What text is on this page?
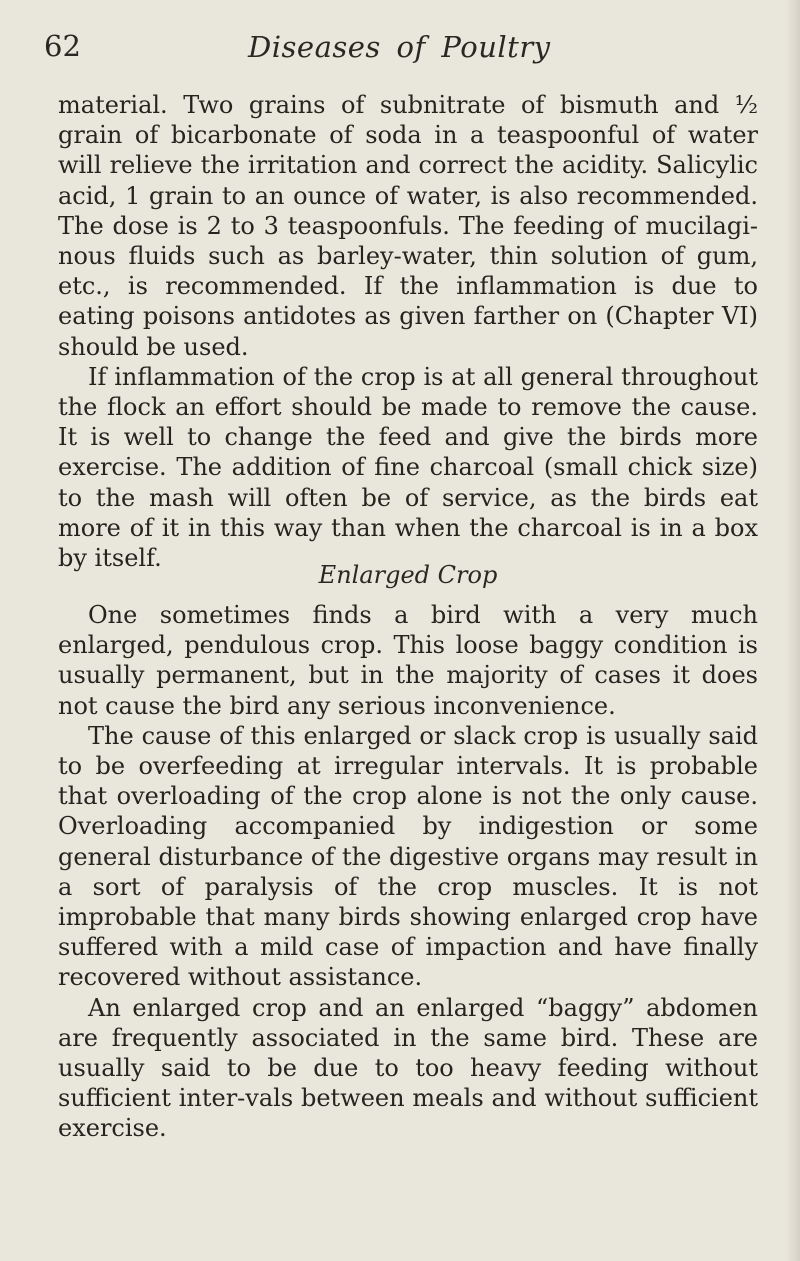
62	Diseases of Poultry

material. Two grains of subnitrate of bismuth and ½ grain of bicarbonate of soda in a teaspoonful of water will relieve the irritation and correct the acidity. Salicylic acid, 1 grain to an ounce of water, is also recommended. The dose is 2 to 3 teaspoonfuls. The feeding of mucilagi-nous fluids such as barley-water, thin solution of gum, etc., is recommended. If the inflammation is due to eating poisons antidotes as given farther on (Chapter VI) should be used.

If inflammation of the crop is at all general throughout the flock an effort should be made to remove the cause. It is well to change the feed and give the birds more exercise. The addition of fine charcoal (small chick size) to the mash will often be of service, as the birds eat more of it in this way than when the charcoal is in a box by itself.

Enlarged Crop

One sometimes finds a bird with a very much enlarged, pendulous crop. This loose baggy condition is usually permanent, but in the majority of cases it does not cause the bird any serious inconvenience.

The cause of this enlarged or slack crop is usually said to be overfeeding at irregular intervals. It is probable that overloading of the crop alone is not the only cause. Overloading accompanied by indigestion or some general disturbance of the digestive organs may result in a sort of paralysis of the crop muscles. It is not improbable that many birds showing enlarged crop have suffered with a mild case of impaction and have finally recovered without assistance.

An enlarged crop and an enlarged “baggy” abdomen are frequently associated in the same bird. These are usually said to be due to too heavy feeding without sufficient inter-vals between meals and without sufficient exercise.
